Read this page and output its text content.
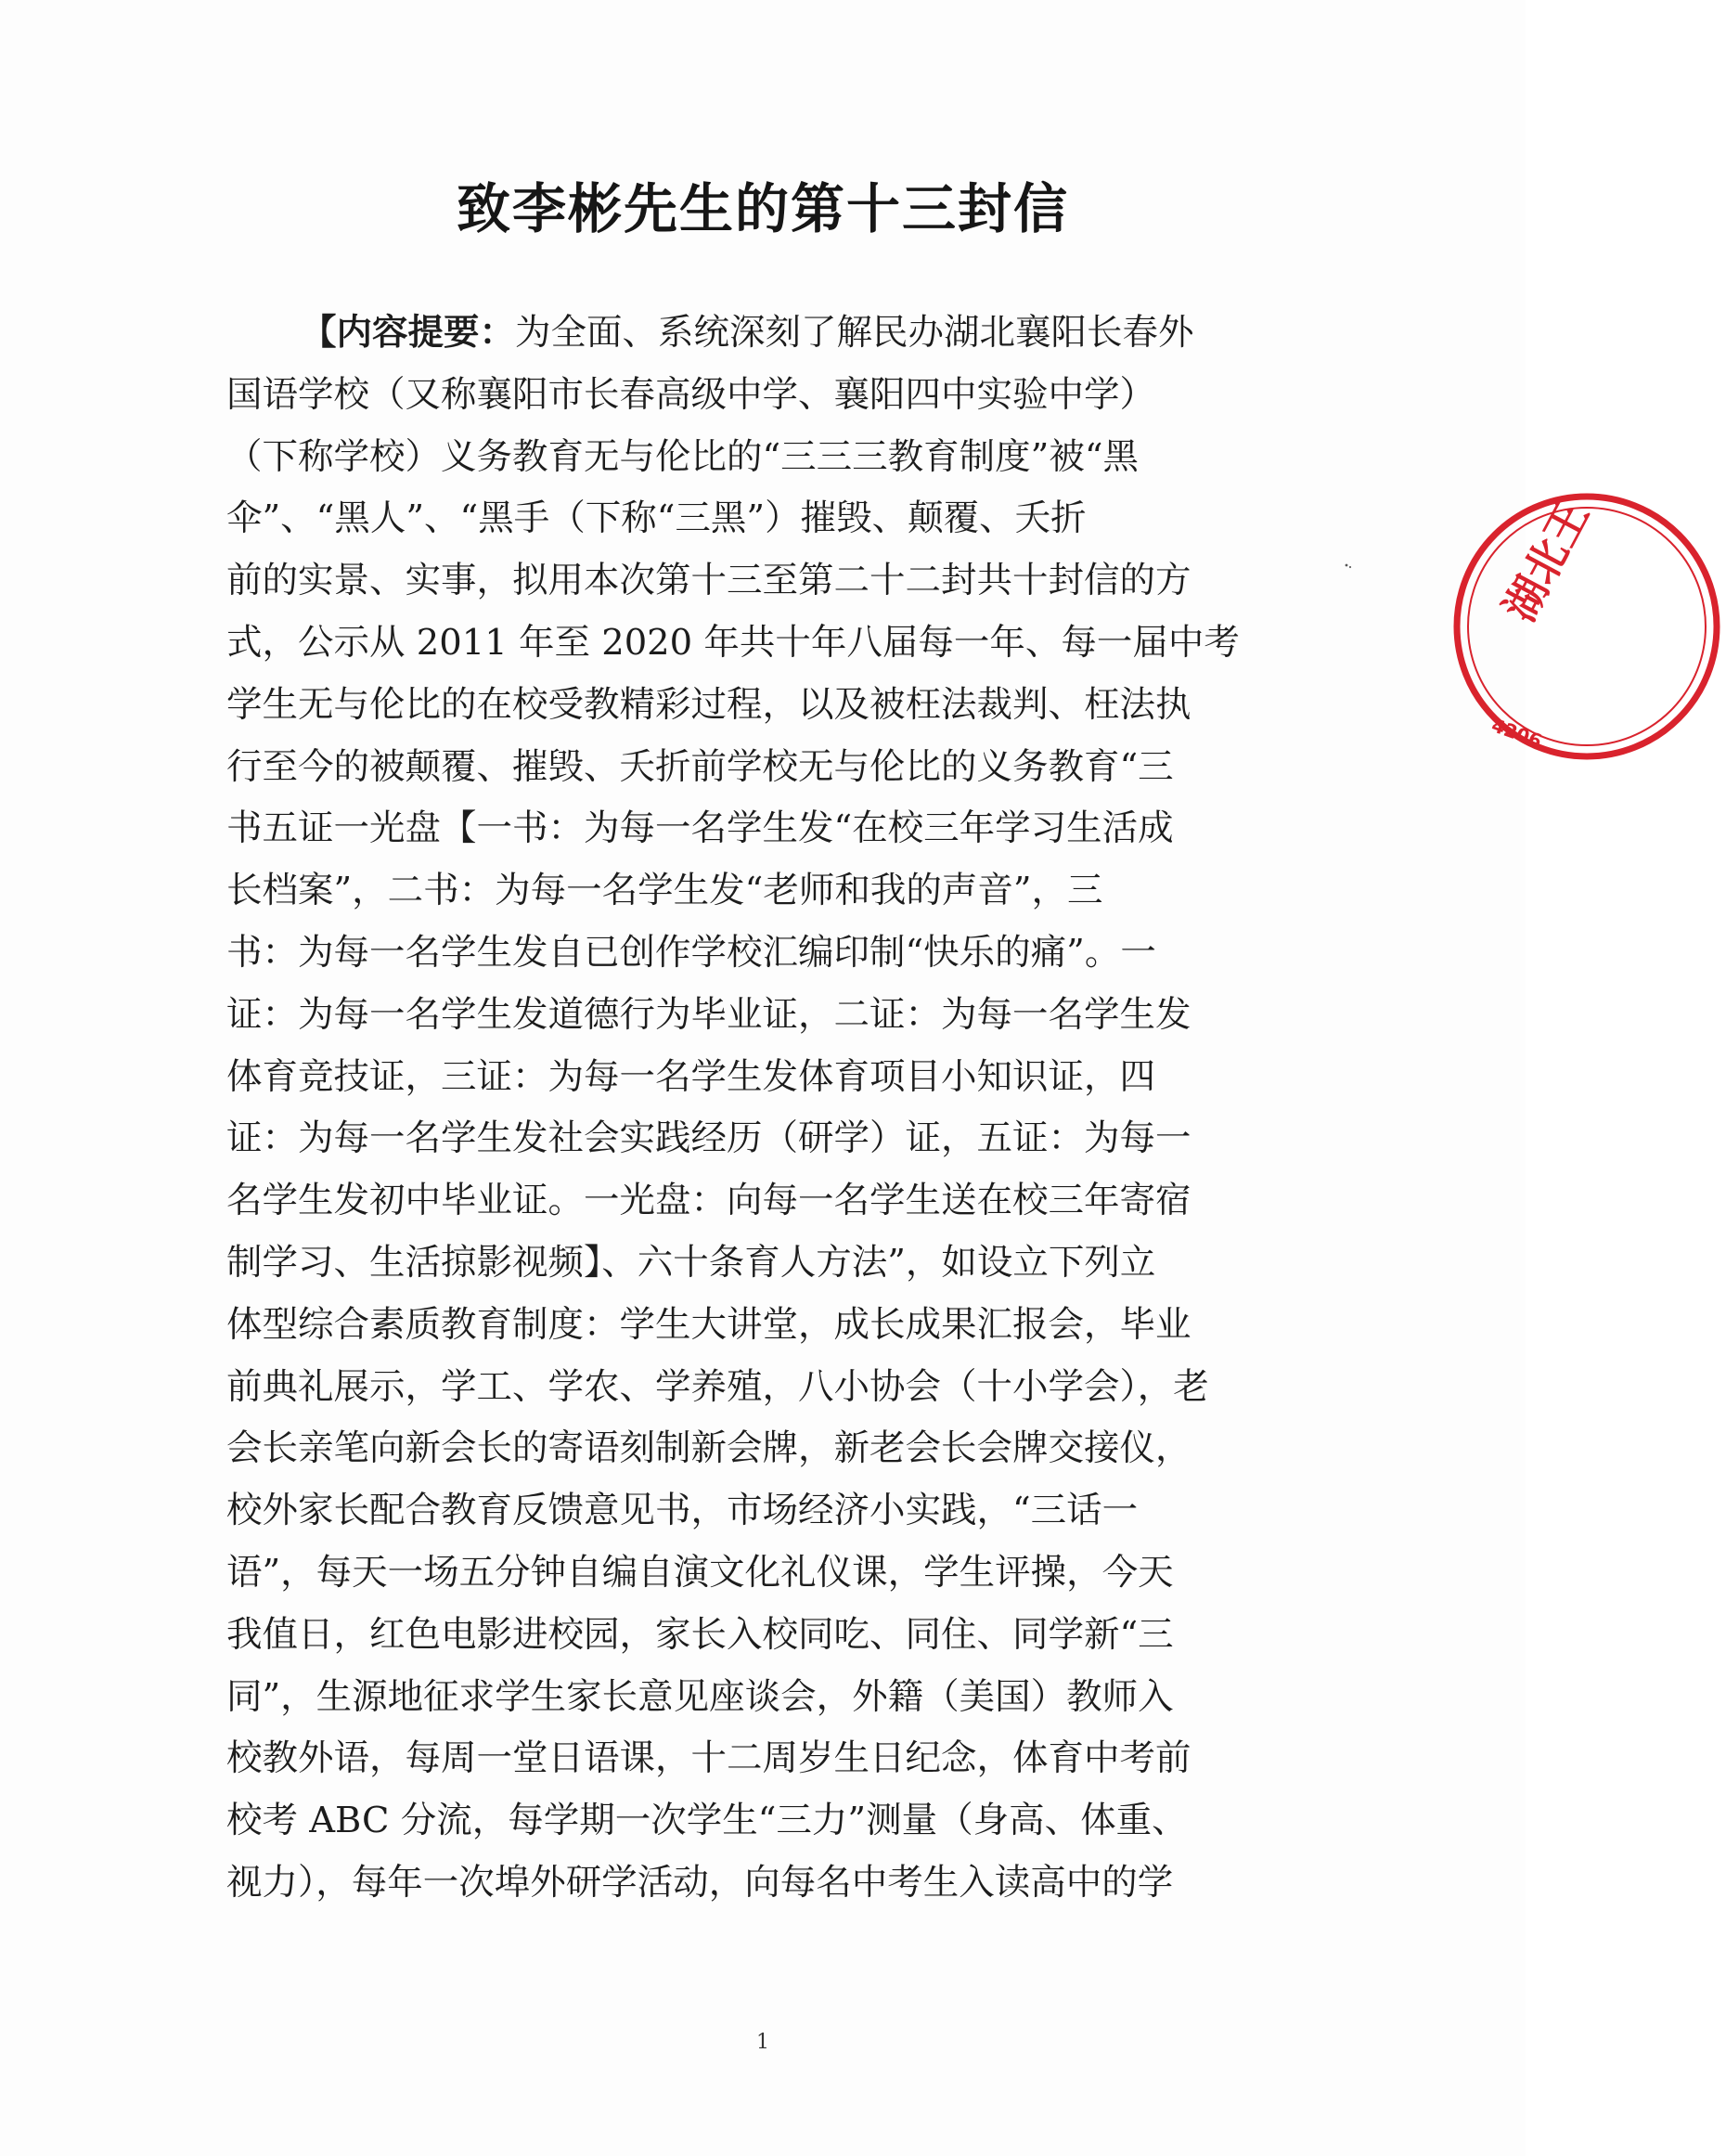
致李彬先生的第十三封信
【内容提要：为全面、系统深刻了解民办湖北襄阳长春外
国语学校（又称襄阳市长春高级中学、襄阳四中实验中学）
（下称学校）义务教育无与伦比的“三三三教育制度”被“黑
伞”、“黑人”、“黑手（下称“三黑”）摧毁、颠覆、夭折
前的实景、实事，拟用本次第十三至第二十二封共十封信的方
式，公示从 2011 年至 2020 年共十年八届每一年、每一届中考
学生无与伦比的在校受教精彩过程，以及被枉法裁判、枉法执
行至今的被颠覆、摧毁、夭折前学校无与伦比的义务教育“三
书五证一光盘【一书：为每一名学生发“在校三年学习生活成
长档案”，二书：为每一名学生发“老师和我的声音”，三
书：为每一名学生发自已创作学校汇编印制“快乐的痛”。一
证：为每一名学生发道德行为毕业证，二证：为每一名学生发
体育竞技证，三证：为每一名学生发体育项目小知识证，四
证：为每一名学生发社会实践经历（研学）证，五证：为每一
名学生发初中毕业证。一光盘：向每一名学生送在校三年寄宿
制学习、生活掠影视频】、六十条育人方法”，如设立下列立
体型综合素质教育制度：学生大讲堂，成长成果汇报会，毕业
前典礼展示，学工、学农、学养殖，八小协会（十小学会），老
会长亲笔向新会长的寄语刻制新会牌，新老会长会牌交接仪，
校外家长配合教育反馈意见书，市场经济小实践，“三话一
语”，每天一场五分钟自编自演文化礼仪课，学生评操，今天
我值日，红色电影进校园，家长入校同吃、同住、同学新“三
同”，生源地征求学生家长意见座谈会，外籍（美国）教师入
校教外语，每周一堂日语课，十二周岁生日纪念，体育中考前
校考 ABC 分流，每学期一次学生“三力”测量（身高、体重、
视力），每年一次埠外研学活动，向每名中考生入读高中的学
1
湖北王
4206
